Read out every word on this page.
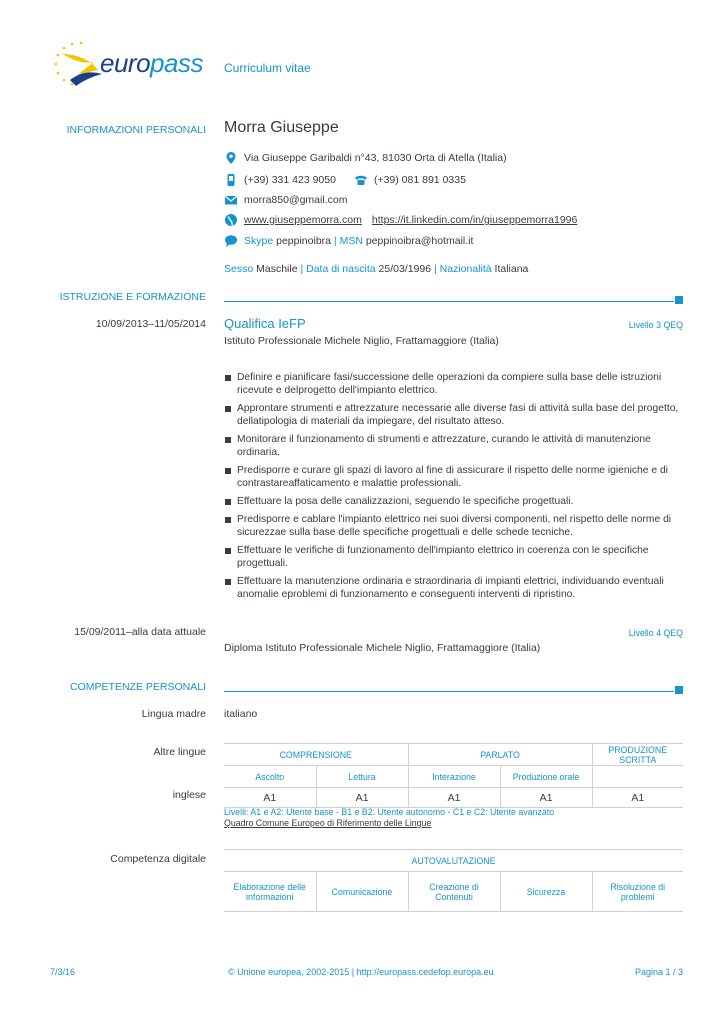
europass Curriculum vitae
INFORMAZIONI PERSONALI Morra Giuseppe
Via Giuseppe Garibaldi n°43, 81030 Orta di Atella (Italia)
(+39) 331 423 9050	(+39) 081 891 0335
morra850@gmail.com
www.giuseppemorra.com https://it.linkedin.com/in/giuseppemorra1996
Skype peppinoibra | MSN peppinoibra@hotmail.it
Sesso Maschile | Data di nascita 25/03/1996 | Nazionalità Italiana
ISTRUZIONE E FORMAZIONE
10/09/2013–11/05/2014 Qualifica IeFP	Livello 3 QEQ
Istituto Professionale Michele Niglio, Frattamaggiore (Italia)
Definire e pianificare fasi/successione delle operazioni da compiere sulla base delle istruzioni ricevute e delprogetto dell'impianto elettrico.
Approntare strumenti e attrezzature necessarie alle diverse fasi di attività sulla base del progetto, dellatipologia di materiali da impiegare, del risultato atteso.
Monitorare il funzionamento di strumenti e attrezzature, curando le attività di manutenzione ordinaria.
Predisporre e curare gli spazi di lavoro al fine di assicurare il rispetto delle norme igieniche e di contrastareaffaticamento e malattie professionali.
Effettuare la posa delle canalizzazioni, seguendo le specifiche progettuali.
Predisporre e cablare l'impianto elettrico nei suoi diversi componenti, nel rispetto delle norme di sicurezzae sulla base delle specifiche progettuali e delle schede tecniche.
Effettuare le verifiche di funzionamento dell'impianto elettrico in coerenza con le specifiche progettuali.
Effettuare la manutenzione ordinaria e straordinaria di impianti elettrici, individuando eventuali anomalie eproblemi di funzionamento e conseguenti interventi di ripristino.
15/09/2011–alla data attuale	Livello 4 QEQ
Diploma Istituto Professionale Michele Niglio, Frattamaggiore (Italia)
COMPETENZE PERSONALI
Lingua madre italiano
Altre lingue	COMPRENSIONE		PARLATO		PRODUZIONE SCRITTA
Ascolto	Lettura	Interazione	Produzione orale	
A1	A1	A1	A1	A1
inglese
Livelli: A1 e A2: Utente base - B1 e B2: Utente autonomo - C1 e C2: Utente avanzato
Quadro Comune Europeo di Riferimento delle Lingue
Competenza digitale	AUTOVALUTAZIONE
Elaborazione delle informazioni	Comunicazione	Creazione di Contenuti	Sicurezza	Risoluzione di problemi
7/3/16	© Unione europea, 2002-2015 | http://europass.cedefop.europa.eu	Pagina 1 / 3
